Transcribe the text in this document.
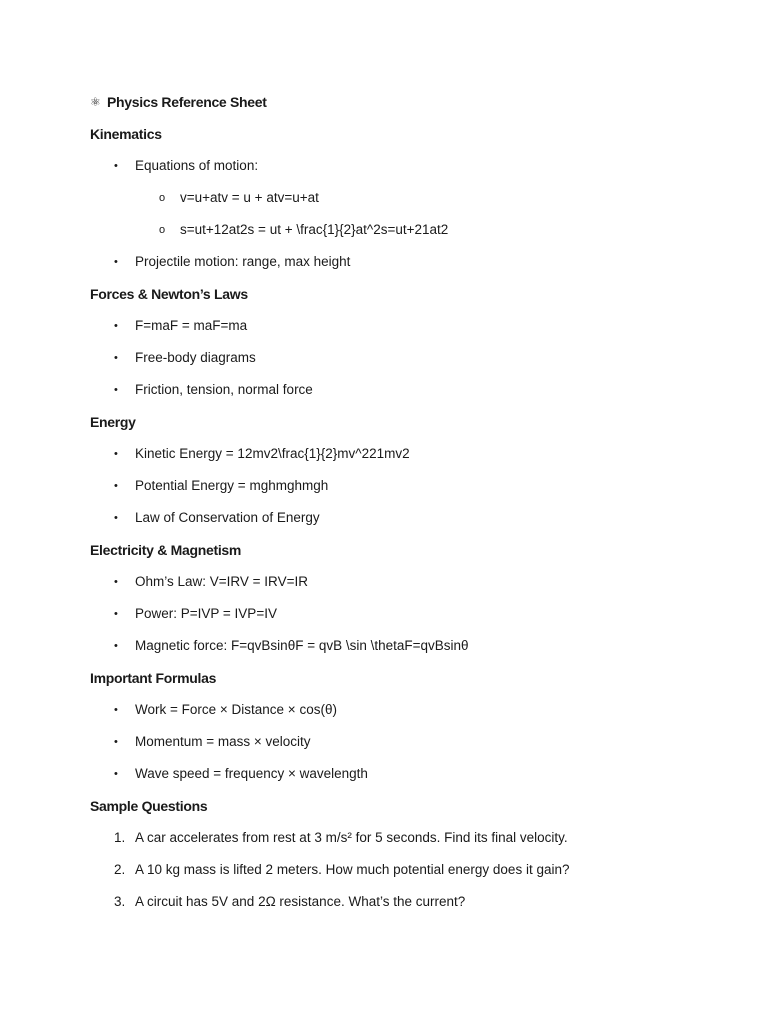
⚛ Physics Reference Sheet
Kinematics
• Equations of motion:
o v=u+atv = u + atv=u+at
o s=ut+12at2s = ut + \frac{1}{2}at^2s=ut+21at2
• Projectile motion: range, max height
Forces & Newton’s Laws
• F=maF = maF=ma
• Free-body diagrams
• Friction, tension, normal force
Energy
• Kinetic Energy = 12mv2\frac{1}{2}mv^221mv2
• Potential Energy = mghmghmgh
• Law of Conservation of Energy
Electricity & Magnetism
• Ohm’s Law: V=IRV = IRV=IR
• Power: P=IVP = IVP=IV
• Magnetic force: F=qvBsinθF = qvB \sin \thetaF=qvBsinθ
Important Formulas
• Work = Force × Distance × cos(θ)
• Momentum = mass × velocity
• Wave speed = frequency × wavelength
Sample Questions
1. A car accelerates from rest at 3 m/s² for 5 seconds. Find its final velocity.
2. A 10 kg mass is lifted 2 meters. How much potential energy does it gain?
3. A circuit has 5V and 2Ω resistance. What’s the current?
